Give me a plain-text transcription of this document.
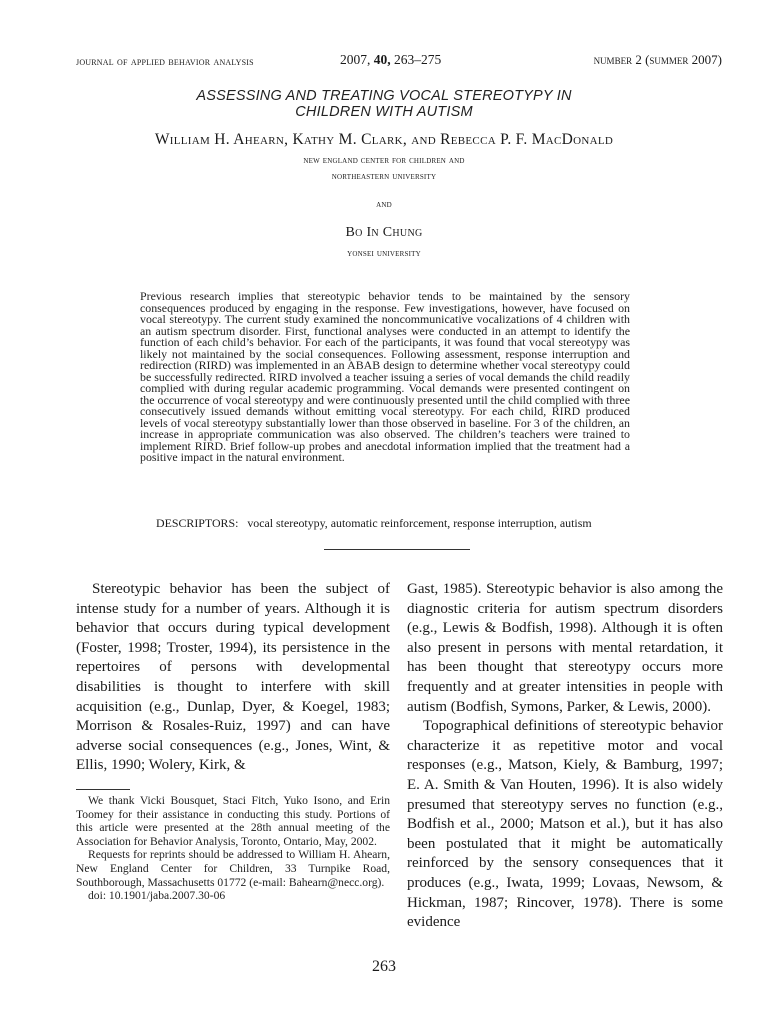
journal of applied behavior analysis	2007, 40, 263–275	number 2 (summer 2007)
ASSESSING AND TREATING VOCAL STEREOTYPY IN
CHILDREN WITH AUTISM
William H. Ahearn, Kathy M. Clark, and Rebecca P. F. MacDonald
new england center for children and
northeastern university
and
Bo In Chung
yonsei university

Previous research implies that stereotypic behavior tends to be maintained by the sensory consequences produced by engaging in the response. Few investigations, however, have focused on vocal stereotypy. The current study examined the noncommunicative vocalizations of 4 children with an autism spectrum disorder. First, functional analyses were conducted in an attempt to identify the function of each child’s behavior. For each of the participants, it was found that vocal stereotypy was likely not maintained by the social consequences. Following assessment, response interruption and redirection (RIRD) was implemented in an ABAB design to determine whether vocal stereotypy could be successfully redirected. RIRD involved a teacher issuing a series of vocal demands the child readily complied with during regular academic programming. Vocal demands were presented contingent on the occurrence of vocal stereotypy and were continuously presented until the child complied with three consecutively issued demands without emitting vocal stereotypy. For each child, RIRD produced levels of vocal stereotypy substantially lower than those observed in baseline. For 3 of the children, an increase in appropriate communication was also observed. The children’s teachers were trained to implement RIRD. Brief follow-up probes and anecdotal information implied that the treatment had a positive impact in the natural environment.

DESCRIPTORS: vocal stereotypy, automatic reinforcement, response interruption, autism

Stereotypic behavior has been the subject of intense study for a number of years. Although it is behavior that occurs during typical development (Foster, 1998; Troster, 1994), its persistence in the repertoires of persons with developmental disabilities is thought to interfere with skill acquisition (e.g., Dunlap, Dyer, & Koegel, 1983; Morrison & Rosales-Ruiz, 1997) and can have adverse social consequences (e.g., Jones, Wint, & Ellis, 1990; Wolery, Kirk, &

We thank Vicki Bousquet, Staci Fitch, Yuko Isono, and Erin Toomey for their assistance in conducting this study. Portions of this article were presented at the 28th annual meeting of the Association for Behavior Analysis, Toronto, Ontario, May, 2002.

Requests for reprints should be addressed to William H. Ahearn, New England Center for Children, 33 Turnpike Road, Southborough, Massachusetts 01772 (e-mail: Bahearn@necc.org).

doi: 10.1901/jaba.2007.30-06

Gast, 1985). Stereotypic behavior is also among the diagnostic criteria for autism spectrum disorders (e.g., Lewis & Bodfish, 1998). Although it is often also present in persons with mental retardation, it has been thought that stereotypy occurs more frequently and at greater intensities in people with autism (Bodfish, Symons, Parker, & Lewis, 2000).

Topographical definitions of stereotypic behavior characterize it as repetitive motor and vocal responses (e.g., Matson, Kiely, & Bamburg, 1997; E. A. Smith & Van Houten, 1996). It is also widely presumed that stereotypy serves no function (e.g., Bodfish et al., 2000; Matson et al.), but it has also been postulated that it might be automatically reinforced by the sensory consequences that it produces (e.g., Iwata, 1999; Lovaas, Newsom, & Hickman, 1987; Rincover, 1978). There is some evidence

263
